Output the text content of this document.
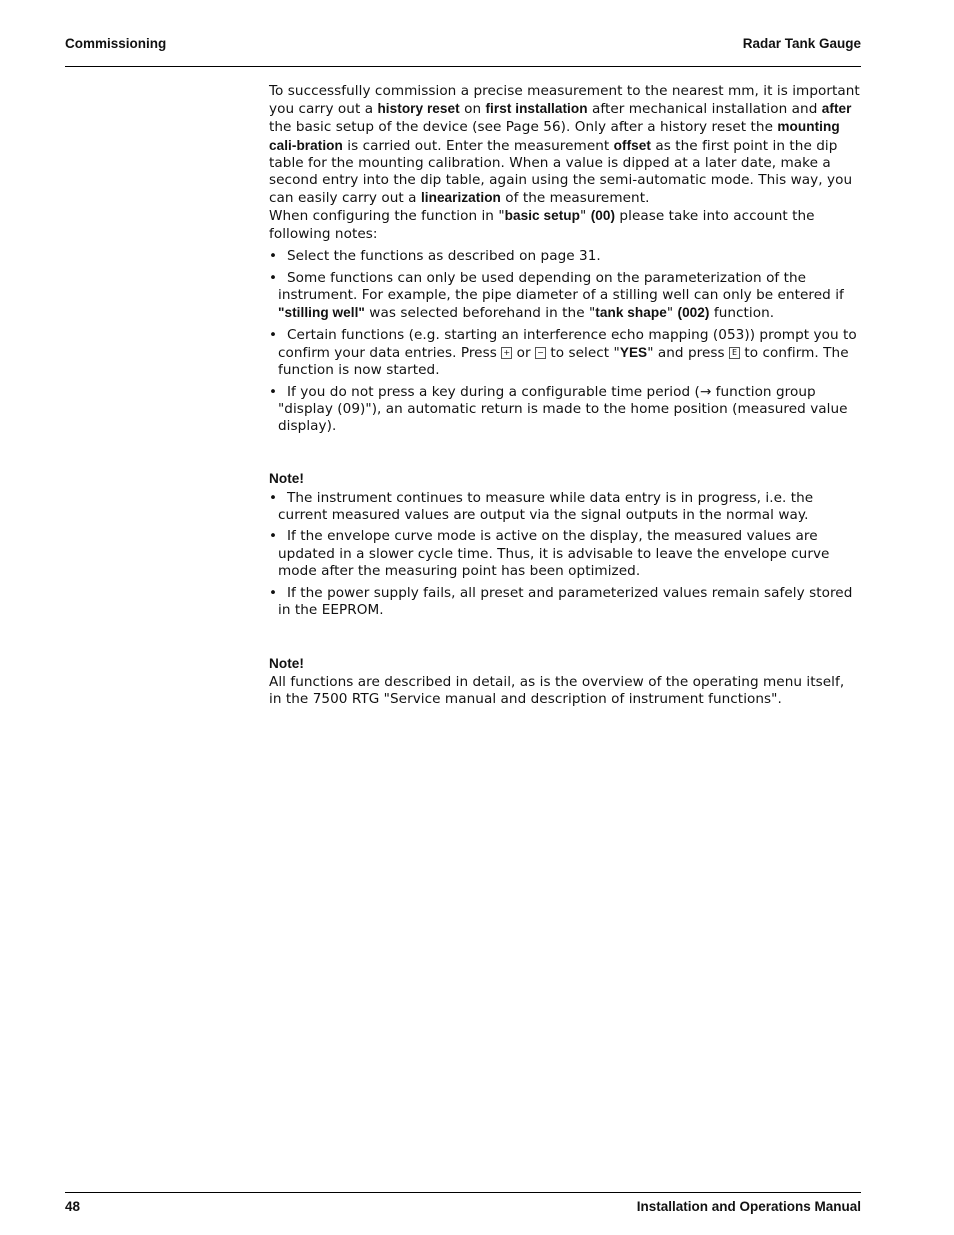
Commissioning	Radar Tank Gauge

To successfully commission a precise measurement to the nearest mm, it is important you carry out a history reset on first installation after mechanical installation and after the basic setup of the device (see Page 56). Only after a history reset the mounting cali-bration is carried out. Enter the measurement offset as the first point in the dip table for the mounting calibration. When a value is dipped at a later date, make a second entry into the dip table, again using the semi-automatic mode. This way, you can easily carry out a linearization of the measurement.

When configuring the function in "basic setup" (00) please take into account the following notes:

• Select the functions as described on page 31.
• Some functions can only be used depending on the parameterization of the instrument. For example, the pipe diameter of a stilling well can only be entered if "stilling well" was selected beforehand in the "tank shape" (002) function.
• Certain functions (e.g. starting an interference echo mapping (053)) prompt you to confirm your data entries. Press + or − to select "YES" and press E to confirm. The function is now started.
• If you do not press a key during a configurable time period (→ function group "display (09)"), an automatic return is made to the home position (measured value display).
Note!
• The instrument continues to measure while data entry is in progress, i.e. the current measured values are output via the signal outputs in the normal way.
• If the envelope curve mode is active on the display, the measured values are updated in a slower cycle time. Thus, it is advisable to leave the envelope curve mode after the measuring point has been optimized.
• If the power supply fails, all preset and parameterized values remain safely stored in the EEPROM.
Note!

All functions are described in detail, as is the overview of the operating menu itself, in the 7500 RTG "Service manual and description of instrument functions".

48	Installation and Operations Manual
